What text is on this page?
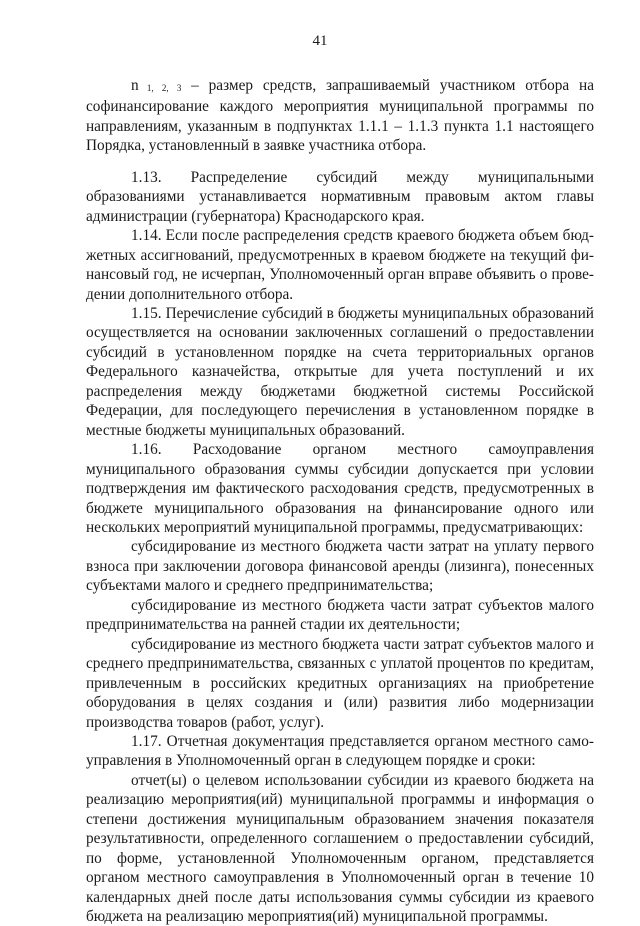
41

n $_{1, 2, 3}$ – размер средств, запрашиваемый участником отбора на софинансирование каждого мероприятия муниципальной программы по направлениям, указанным в подпунктах 1.1.1 – 1.1.3 пункта 1.1 настоящего Порядка, установленный в заявке участника отбора.

1.13. Распределение субсидий между муниципальными образованиями устанавливается нормативным правовым актом главы администрации (губернатора) Краснодарского края.

1.14. Если после распределения средств краевого бюджета объем бюджетных ассигнований, предусмотренных в краевом бюджете на текущий финансовый год, не исчерпан, Уполномоченный орган вправе объявить о проведении дополнительного отбора.

1.15. Перечисление субсидий в бюджеты муниципальных образований осуществляется на основании заключенных соглашений о предоставлении субсидий в установленном порядке на счета территориальных органов Федерального казначейства, открытые для учета поступлений и их распределения между бюджетами бюджетной системы Российской Федерации, для последующего перечисления в установленном порядке в местные бюджеты муниципальных образований.

1.16. Расходование органом местного самоуправления муниципального образования суммы субсидии допускается при условии подтверждения им фактического расходования средств, предусмотренных в бюджете муниципального образования на финансирование одного или нескольких мероприятий муниципальной программы, предусматривающих:

субсидирование из местного бюджета части затрат на уплату первого взноса при заключении договора финансовой аренды (лизинга), понесенных субъектами малого и среднего предпринимательства;

субсидирование из местного бюджета части затрат субъектов малого предпринимательства на ранней стадии их деятельности;

субсидирование из местного бюджета части затрат субъектов малого и среднего предпринимательства, связанных с уплатой процентов по кредитам, привлеченным в российских кредитных организациях на приобретение оборудования в целях создания и (или) развития либо модернизации производства товаров (работ, услуг).

1.17. Отчетная документация представляется органом местного самоуправления в Уполномоченный орган в следующем порядке и сроки:

отчет(ы) о целевом использовании субсидии из краевого бюджета на реализацию мероприятия(ий) муниципальной программы и информация о степени достижения муниципальным образованием значения показателя результативности, определенного соглашением о предоставлении субсидий, по форме, установленной Уполномоченным органом, представляется органом местного самоуправления в Уполномоченный орган в течение 10 календарных дней после даты использования суммы субсидии из краевого бюджета на реализацию мероприятия(ий) муниципальной программы.
